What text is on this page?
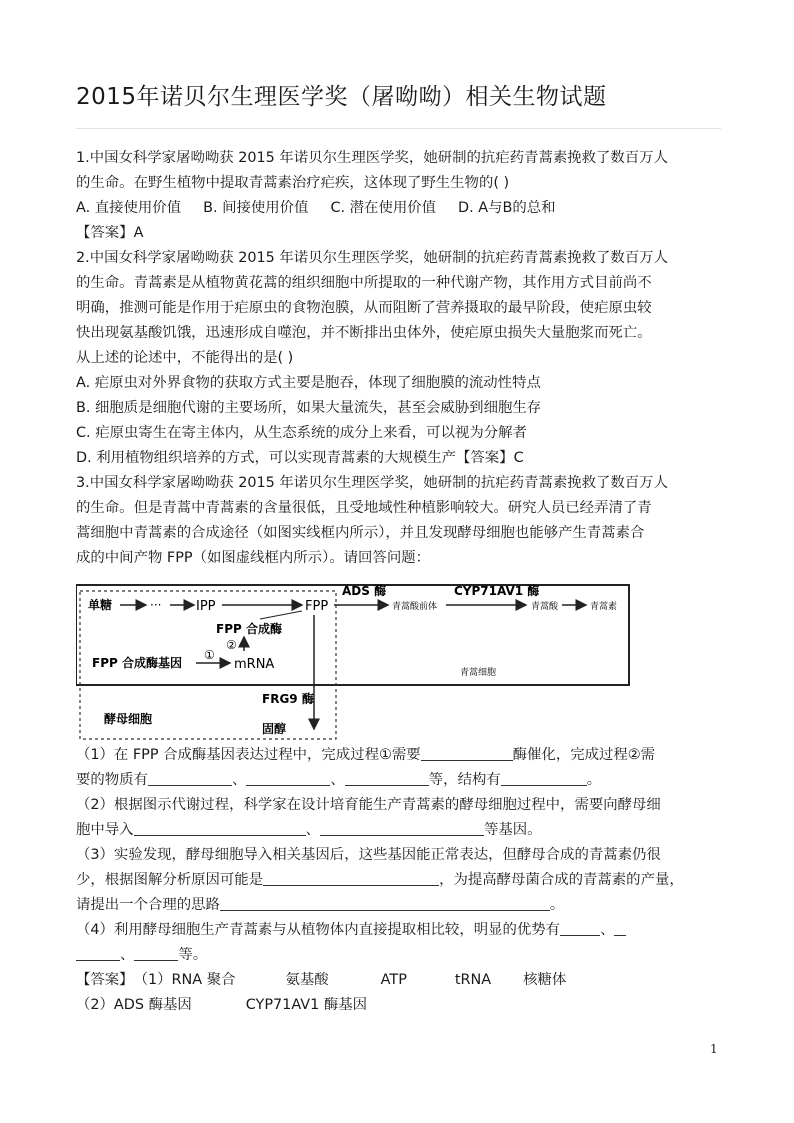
2015年诺贝尔生理医学奖（屠呦呦）相关生物试题

1.中国女科学家屠呦呦获 2015 年诺贝尔生理医学奖，她研制的抗疟药青蒿素挽救了数百万人

的生命。在野生植物中提取青蒿素治疗疟疾，这体现了野生生物的( )

A. 直接使用价值 B. 间接使用价值 C. 潜在使用价值 D. A与B的总和

【答案】A

2.中国女科学家屠呦呦获 2015 年诺贝尔生理医学奖，她研制的抗疟药青蒿素挽救了数百万人

的生命。青蒿素是从植物黄花蒿的组织细胞中所提取的一种代谢产物，其作用方式目前尚不

明确，推测可能是作用于疟原虫的食物泡膜，从而阻断了营养摄取的最早阶段，使疟原虫较

快出现氨基酸饥饿，迅速形成自噬泡，并不断排出虫体外，使疟原虫损失大量胞浆而死亡。

从上述的论述中，不能得出的是( )

A. 疟原虫对外界食物的获取方式主要是胞吞，体现了细胞膜的流动性特点

B. 细胞质是细胞代谢的主要场所，如果大量流失，甚至会威胁到细胞生存

C. 疟原虫寄生在寄主体内，从生态系统的成分上来看，可以视为分解者

D. 利用植物组织培养的方式，可以实现青蒿素的大规模生产【答案】C

3.中国女科学家屠呦呦获 2015 年诺贝尔生理医学奖，她研制的抗疟药青蒿素挽救了数百万人

的生命。但是青蒿中青蒿素的含量很低，且受地域性种植影响较大。研究人员已经弄清了青

蒿细胞中青蒿素的合成途径（如图实线框内所示），并且发现酵母细胞也能够产生青蒿素合

成的中间产物 FPP（如图虚线框内所示）。请回答问题：

单糖	···	IPP	FPP
ADS 酶
青蒿酸前体
CYP71AV1 酶
青蒿酸	青蒿素
FPP 合成酶
②
FPP 合成酶基因
①
mRNA
青蒿细胞
FRG9 酶
酵母细胞
固醇

（1）在 FPP 合成酶基因表达过程中，完成过程①需要	酶催化，完成过程②需

要的物质有	、	、	等，结构有	。

（2）根据图示代谢过程，科学家在设计培育能生产青蒿素的酵母细胞过程中，需要向酵母细

胞中导入	、	等基因。

（3）实验发现，酵母细胞导入相关基因后，这些基因能正常表达，但酵母合成的青蒿素仍很

少，根据图解分析原因可能是	，为提高酵母菌合成的青蒿素的产量，

请提出一个合理的思路	。

（4）利用酵母细胞生产青蒿素与从植物体内直接提取相比较，明显的优势有	、

、	等。

【答案】（1）RNA 聚合	氨基酸	ATP	tRNA 核糖体

（2）ADS 酶基因	CYP71AV1 酶基因

1
